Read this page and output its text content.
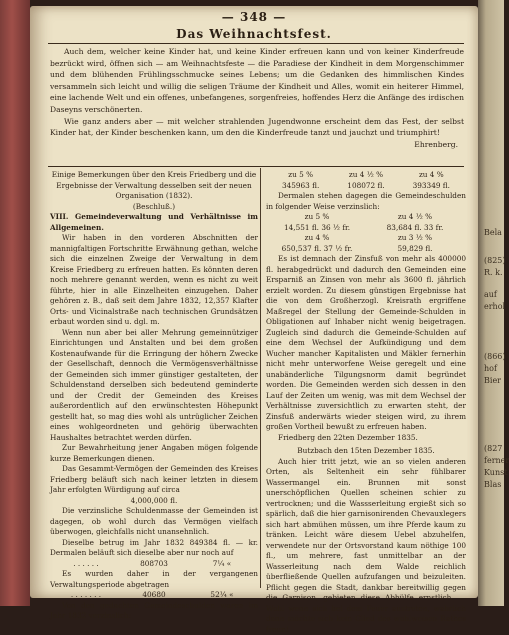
— 348 —
Das Weihnachtsfest.

Auch dem, welcher keine Kinder hat, und keine Kinder erfreuen kann und von keiner Kinderfreude bezrückt wird, öffnen sich — am Weihnachtsfeste — die Paradiese der Kindheit in dem Morgenschimmer und dem blühenden Frühlingsschmucke seines Lebens; um die Gedanken des himmlischen Kindes versammeln sich leicht und willig die seligen Träume der Kindheit und Alles, womit ein heiterer Himmel, eine lachende Welt und ein offenes, unbefangenes, sorgenfreies, hoffendes Herz die Anfänge des irdischen Daseyns verschönerten.

Wie ganz anders aber — mit welcher strahlenden Jugendwonne erscheint dem das Fest, der selbst Kinder hat, der Kinder beschenken kann, um den die Kinderfreude tanzt und jauchzt und triumphirt!

Ehrenberg.

Einige Bemerkungen über den Kreis Friedberg und die Ergebnisse der Verwaltung desselben seit der neuen Organisation (1832).

(Beschluß.)

VIII. Gemeindeverwaltung und Verhältnisse im Allgemeinen.

Wir haben in den vorderen Abschnitten der mannigfaltigen Fortschritte Erwähnung gethan, welche sich die einzelnen Zweige der Verwaltung in dem Kreise Friedberg zu erfreuen hatten. Es könnten deren noch mehrere genannt werden, wenn es nicht zu weit führte, hier in alle Einzelheiten einzugehen. Daher gehören z. B., daß seit dem Jahre 1832, 12,357 Klafter Orts- und Vicinalstraße nach technischen Grundsätzen erbaut worden sind u. dgl. m.

Wenn nun aber bei aller Mehrung gemeinnütziger Einrichtungen und Anstalten und bei dem großen Kostenaufwande für die Erringung der höhern Zwecke der Gesellschaft, dennoch die Vermögensverhältnisse der Gemeinden sich immer günstiger gestalteten, der Schuldenstand derselben sich bedeutend geminderte und der Credit der Gemeinden des Kreises außerordentlich auf den erwünschtesten Höhepunkt gestellt hat, so mag dies wohl als untrüglicher Zeichen eines wohlgeordneten und gehörig überwachten Haushaltes betrachtet werden dürfen.

Zur Bewahrheitung jener Angaben mögen folgende kurze Bemerkungen dienen.

Das Gesammt-Vermögen der Gemeinden des Kreises Friedberg beläuft sich nach keiner letzten in diesem Jahr erfolgten Würdigung auf circa

4,000,000 fl.

Die verzinsliche Schuldenmasse der Gemeinden ist dagegen, ob wohl durch das Vermögen vielfach überwogen, gleichfalls nicht unansehnlich.

Dieselbe betrug im Jahr 1832 849384 fl. — kr. Dermalen beläuft sich dieselbe aber nur noch auf

. . . . . .	808703	7¼ «

Es wurden daher in der vergangenen Verwaltungsperiode abgetragen

. . . . . . .	40680	52¼ «

Von den gedachten Gemeindeschulden waren im Jahr 1832 verzinslich:

zu 5 %	zu 4 ½ %	zu 4 %
345963 fl.	108072 fl.	393349 fl.

Dermalen stehen dagegen die Gemeindeschulden in folgender Weise verzinslich:

zu 5 %	zu 4 ½ %
14,551 fl. 36 ½ fr.	83,684 fl. 33 fr.
zu 4 %	zu 3 ½ %
650,537 fl. 37 ½ fr.	59,829 fl.

Es ist demnach der Zinsfuß von mehr als 400000 fl. herabgedrückt und dadurch den Gemeinden eine Ersparniß an Zinsen von mehr als 3600 fl. jährlich erzielt worden. Zu diesem günstigen Ergebnisse hat die von dem Großherzogl. Kreisrath ergriffene Maßregel der Stellung der Gemeinde-Schulden in Obligationen auf Inhaber nicht wenig beigetragen. Zugleich sind dadurch die Gemeinde-Schulden auf eine dem Wechsel der Aufkündigung und dem Wucher mancher Kapitalisten und Mäkler fernerhin nicht mehr unterworfene Weise geregelt und eine unabänderliche Tilgungsnorm damit begründet worden. Die Gemeinden werden sich dessen in den Lauf der Zeiten um wenig, was mit dem Wechsel der Verhältnisse zuversichtlich zu erwarten steht, der Zinsfuß anderwärts wieder steigen wird, zu ihrem großen Vortheil bewußt zu erfreuen haben.

Friedberg den 22ten Dezember 1835.

Butzbach den 15ten Dezember 1835.

Auch hier tritt jetzt, wie an so vielen anderen Orten, als Seltenheit ein sehr fühlbarer Wassermangel ein. Brunnen mit sonst unerschöpflichen Quellen scheinen schier zu vertrocknen; und die Wassserleitung ergießt sich so spärlich, daß die hier garnisonirenden Chevauxlegers sich hart abmühen müssen, um ihre Pferde kaum zu tränken. Leicht wäre diesem Uebel abzuhelfen, verwendete nur der Ortsvorstand kaum nöthige 100 fl., um mehrere, fast unmittelbar an der Wasserleitung nach dem Walde reichlich überfließende Quellen aufzufangen und beizuleiten. Pflicht gegen die Stadt, dankbar bereitwillig gegen die Garnison, gebieten diese Abhülfe ernstlich. — Wohl wenn sich bei dem Feuer austreten, wahrlich dann möchte sich kein Glied des wohlweisen Rathes freun!

Bela
(825)
R. k.
auf
erhol
(866)
hof
Bier
(827
ferner
Kunst
Blas
